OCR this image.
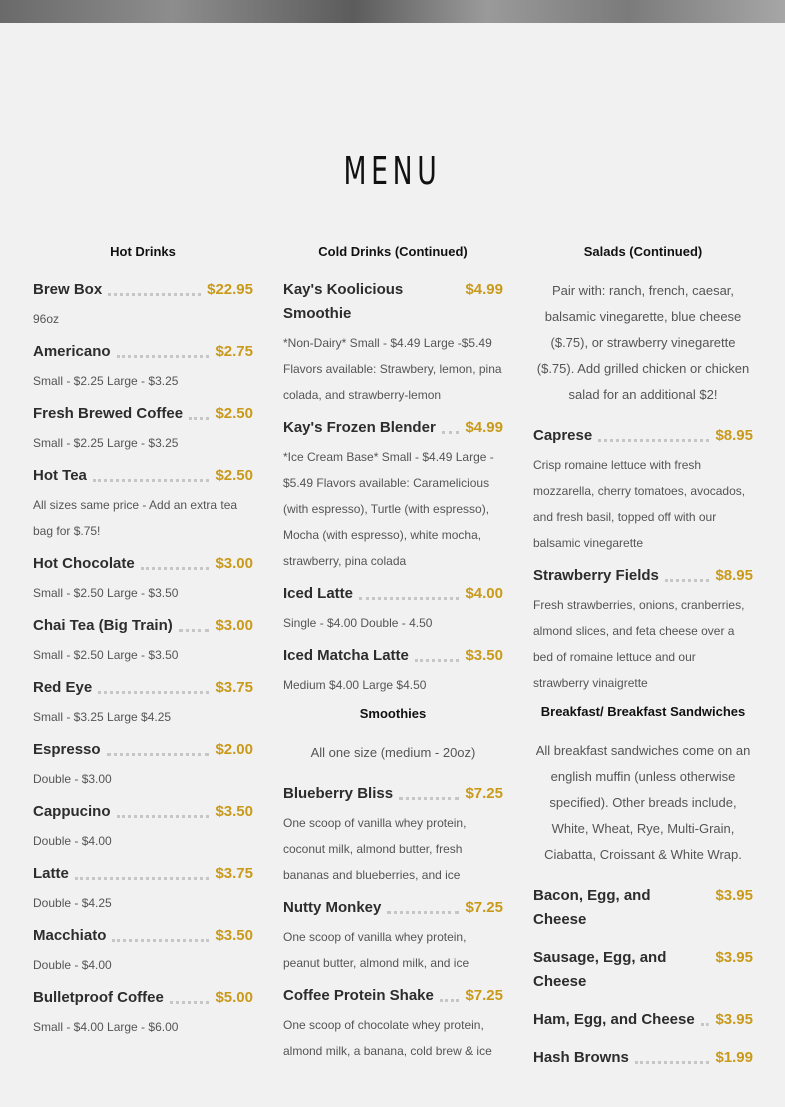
MENU
Hot Drinks
Brew Box	$22.95
96oz
Americano	$2.75
Small - $2.25 Large - $3.25
Fresh Brewed Coffee $2.50
Small - $2.25 Large - $3.25
Hot Tea	$2.50
All sizes same price - Add an extra tea bag for $.75!
Hot Chocolate	$3.00
Small - $2.50 Large - $3.50
Chai Tea (Big Train)	$3.00
Small - $2.50 Large - $3.50
Red Eye	$3.75
Small - $3.25 Large $4.25
Espresso	$2.00
Double - $3.00
Cappucino	$3.50
Double - $4.00
Latte	$3.75
Double - $4.25
Macchiato	$3.50
Double - $4.00
Bulletproof Coffee	$5.00
Small - $4.00 Large - $6.00
Cold Drinks (Continued)
Kay's Koolicious Smoothie
$4.99
*Non-Dairy* Small - $4.49 Large -$5.49 Flavors available: Strawbery, lemon, pina colada, and strawberry-lemon
Kay's Frozen Blender $4.99
*Ice Cream Base* Small - $4.49 Large - $5.49 Flavors available: Caramelicious (with espresso), Turtle (with espresso), Mocha (with espresso), white mocha, strawberry, pina colada
Iced Latte	$4.00
Single - $4.00 Double - 4.50
Iced Matcha Latte	$3.50
Medium $4.00 Large $4.50
Smoothies
All one size (medium - 20oz)
Blueberry Bliss	$7.25
One scoop of vanilla whey protein, coconut milk, almond butter, fresh bananas and blueberries, and ice
Nutty Monkey	$7.25
One scoop of vanilla whey protein, peanut butter, almond milk, and ice
Coffee Protein Shake $7.25
One scoop of chocolate whey protein, almond milk, a banana, cold brew & ice
Salads (Continued)
Pair with: ranch, french, caesar, balsamic vinegarette, blue cheese ($.75), or strawberry vinegarette ($.75). Add grilled chicken or chicken salad for an additional $2!
Caprese	$8.95
Crisp romaine lettuce with fresh mozzarella, cherry tomatoes, avocados, and fresh basil, topped off with our balsamic vinegarette
Strawberry Fields	$8.95
Fresh strawberries, onions, cranberries, almond slices, and feta cheese over a bed of romaine lettuce and our strawberry vinaigrette
Breakfast/ Breakfast Sandwiches
All breakfast sandwiches come on an english muffin (unless otherwise specified). Other breads include, White, Wheat, Rye, Multi-Grain, Ciabatta, Croissant & White Wrap.
Bacon, Egg, and Cheese
$3.95
Sausage, Egg, and Cheese
$3.95
Ham, Egg, and Cheese $3.95
Hash Browns	$1.99
